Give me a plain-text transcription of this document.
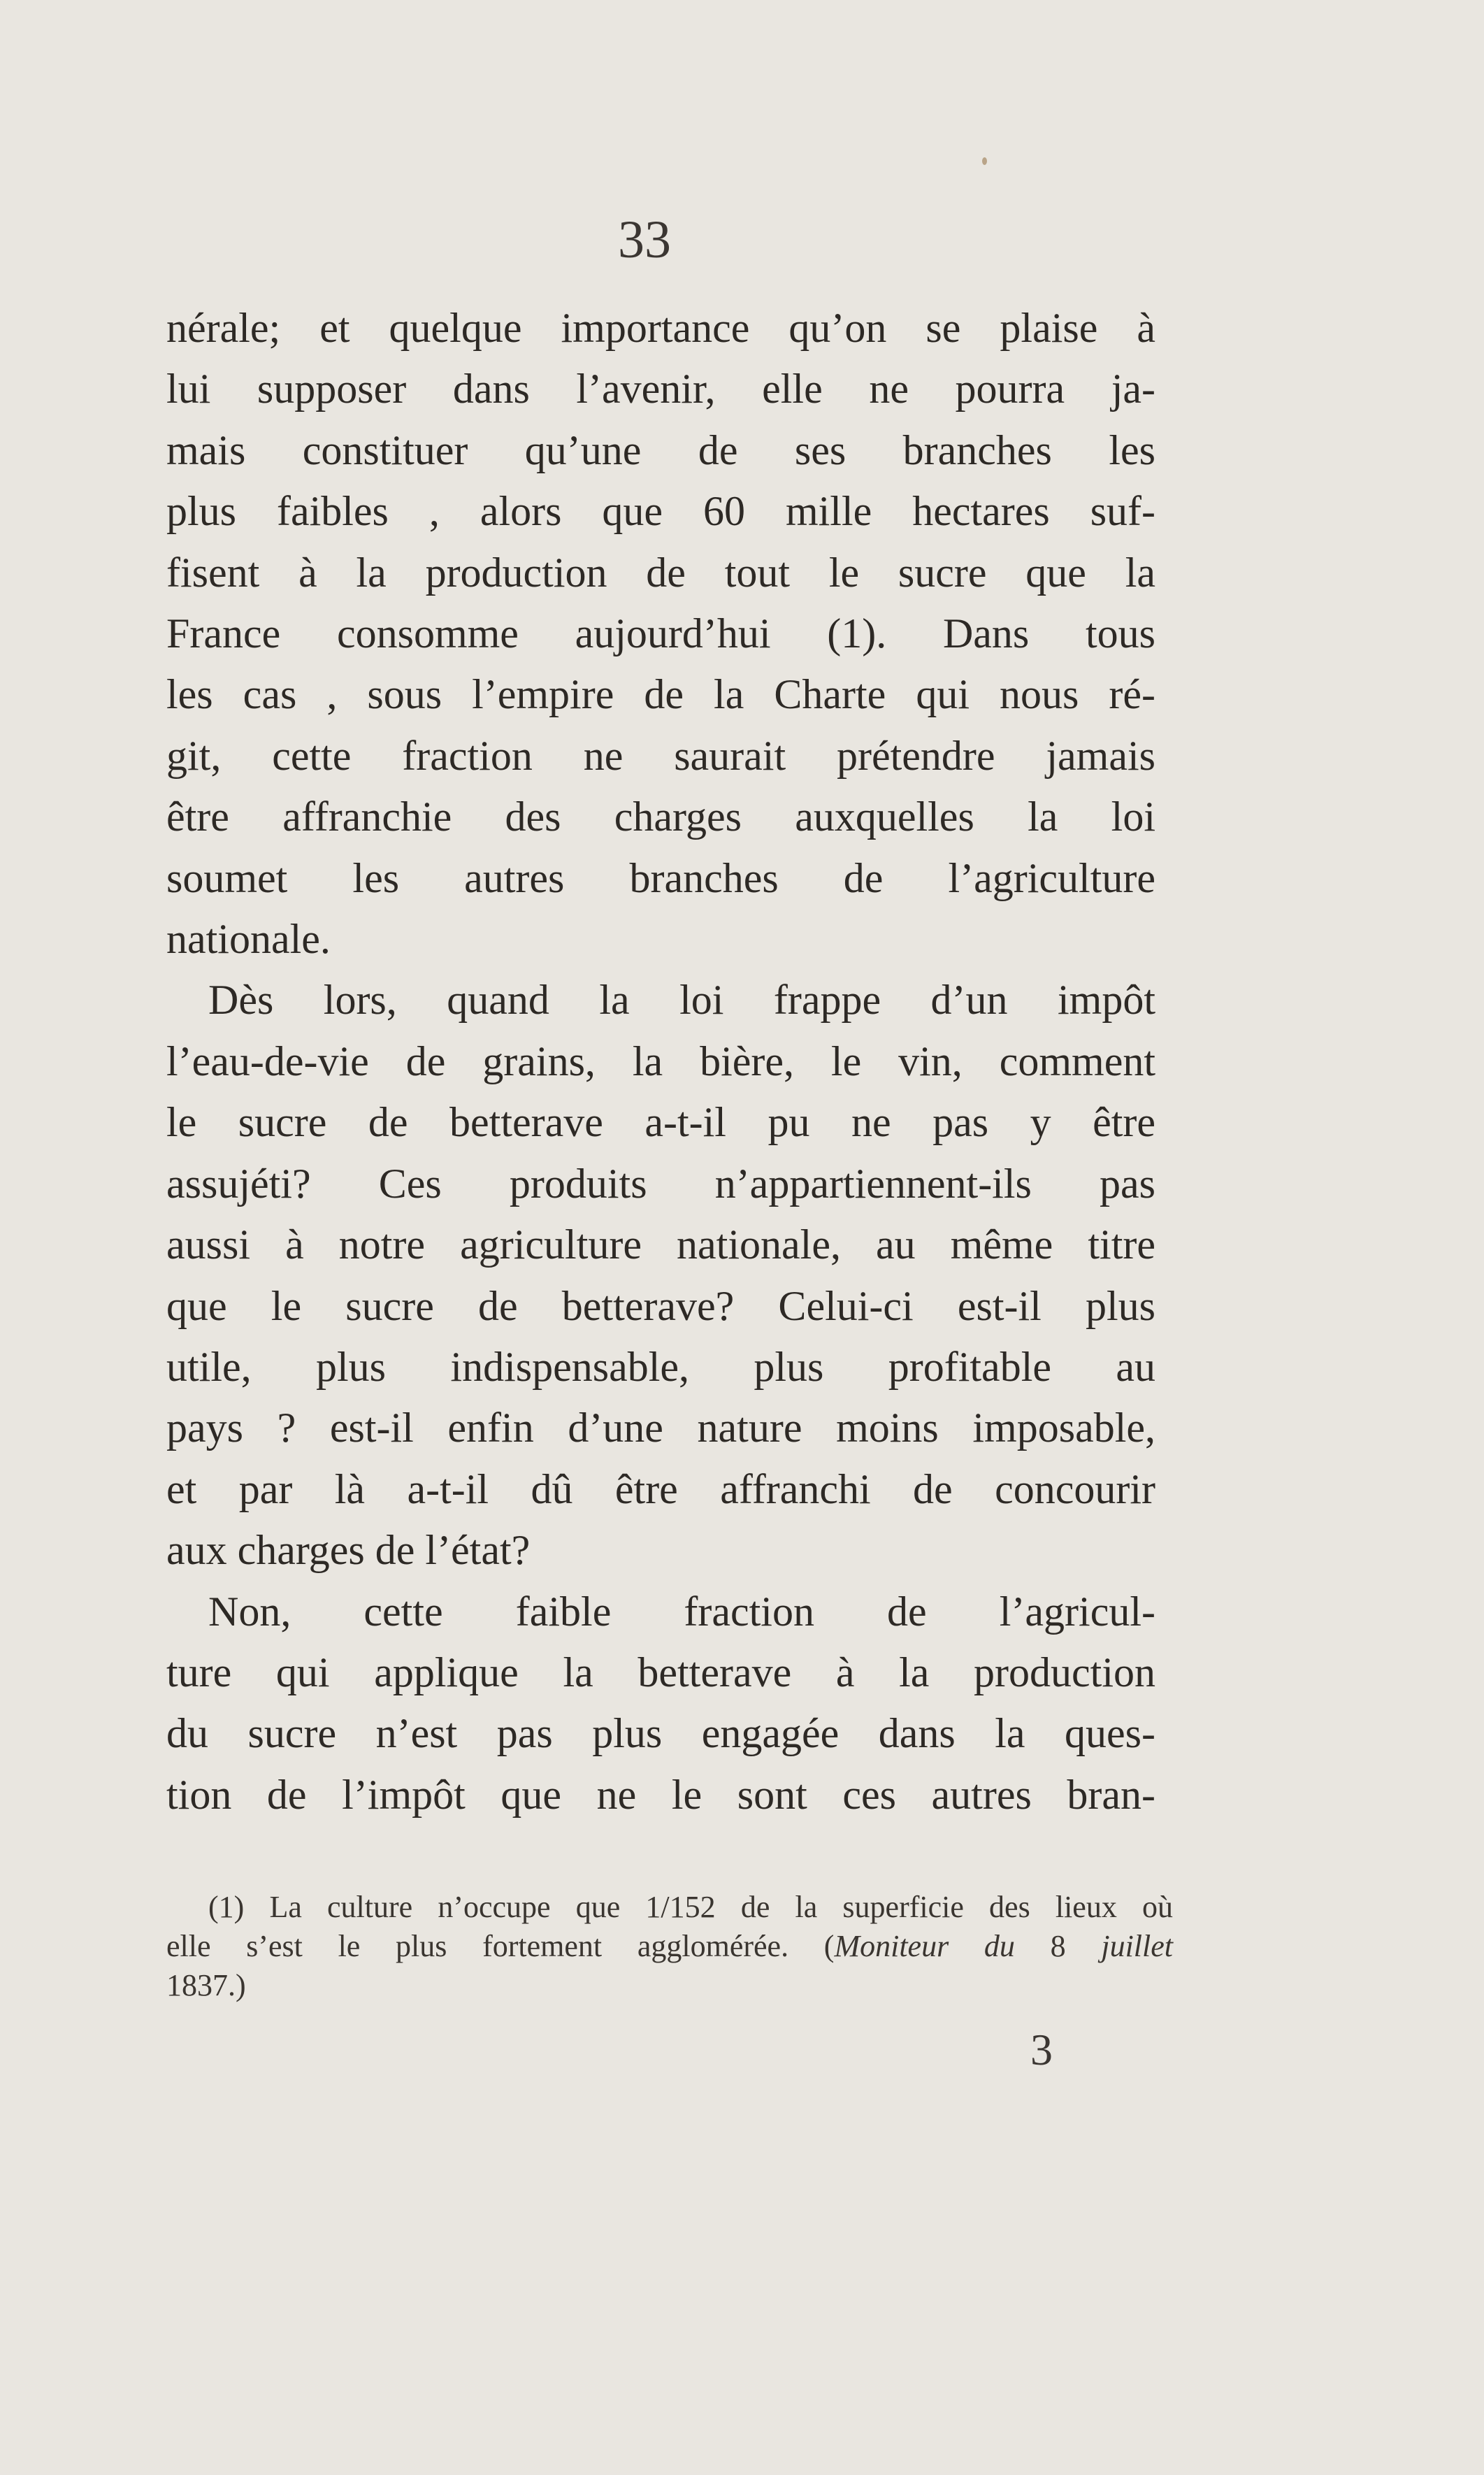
33
nérale; et quelque importance qu’on se plaise à
lui supposer dans l’avenir, elle ne pourra ja-
mais constituer qu’une de ses branches les
plus faibles , alors que 60 mille hectares suf-
fisent à la production de tout le sucre que la
France consomme aujourd’hui (1). Dans tous
les cas , sous l’empire de la Charte qui nous ré-
git, cette fraction ne saurait prétendre jamais
être affranchie des charges auxquelles la loi
soumet les autres branches de l’agriculture
nationale.
Dès lors, quand la loi frappe d’un impôt
l’eau-de-vie de grains, la bière, le vin, comment
le sucre de betterave a-t-il pu ne pas y être
assujéti? Ces produits n’appartiennent-ils pas
aussi à notre agriculture nationale, au même titre
que le sucre de betterave? Celui-ci est-il plus
utile, plus indispensable, plus profitable au
pays ? est-il enfin d’une nature moins imposable,
et par là a-t-il dû être affranchi de concourir
aux charges de l’état?
Non, cette faible fraction de l’agricul-
ture qui applique la betterave à la production
du sucre n’est pas plus engagée dans la ques-
tion de l’impôt que ne le sont ces autres bran-
(1) La culture n’occupe que 1/152 de la superficie des lieux où
elle s’est le plus fortement agglomérée. (Moniteur du 8 juillet
1837.)
3
